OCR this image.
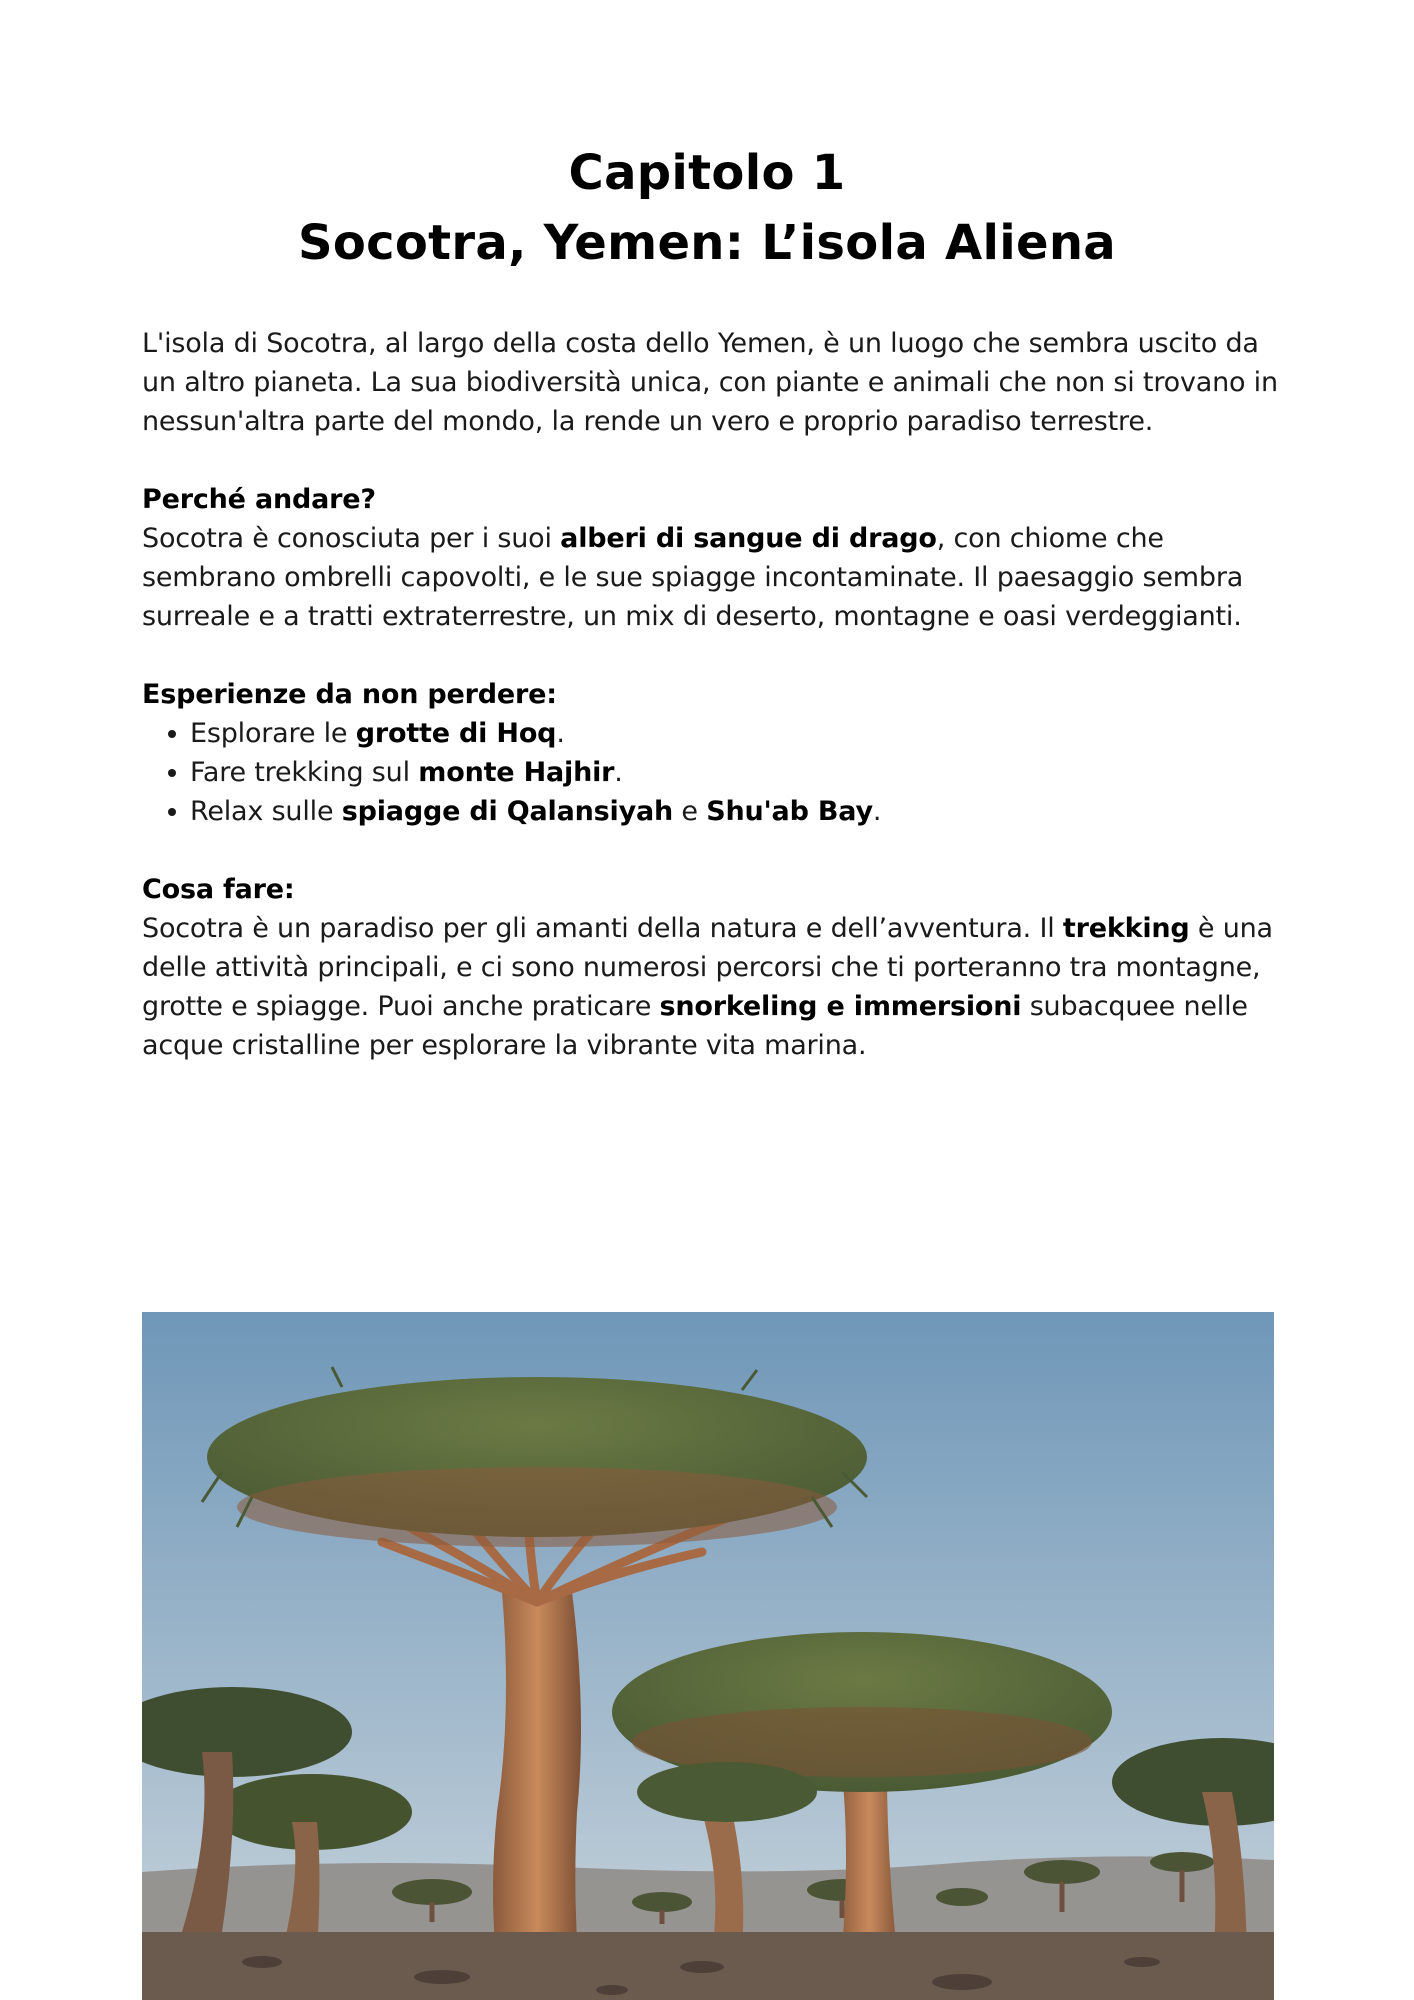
Capitolo 1
Socotra, Yemen: L’isola Aliena

L'isola di Socotra, al largo della costa dello Yemen, è un luogo che sembra uscito da un altro pianeta. La sua biodiversità unica, con piante e animali che non si trovano in nessun'altra parte del mondo, la rende un vero e proprio paradiso terrestre.

Perché andare?

Socotra è conosciuta per i suoi alberi di sangue di drago, con chiome che sembrano ombrelli capovolti, e le sue spiagge incontaminate. Il paesaggio sembra surreale e a tratti extraterrestre, un mix di deserto, montagne e oasi verdeggianti.

Esperienze da non perdere:

Esplorare le grotte di Hoq.
Fare trekking sul monte Hajhir.
Relax sulle spiagge di Qalansiyah e Shu'ab Bay.

Cosa fare:

Socotra è un paradiso per gli amanti della natura e dell’avventura. Il trekking è una delle attività principali, e ci sono numerosi percorsi che ti porteranno tra montagne, grotte e spiagge. Puoi anche praticare snorkeling e immersioni subacquee nelle acque cristalline per esplorare la vibrante vita marina.
